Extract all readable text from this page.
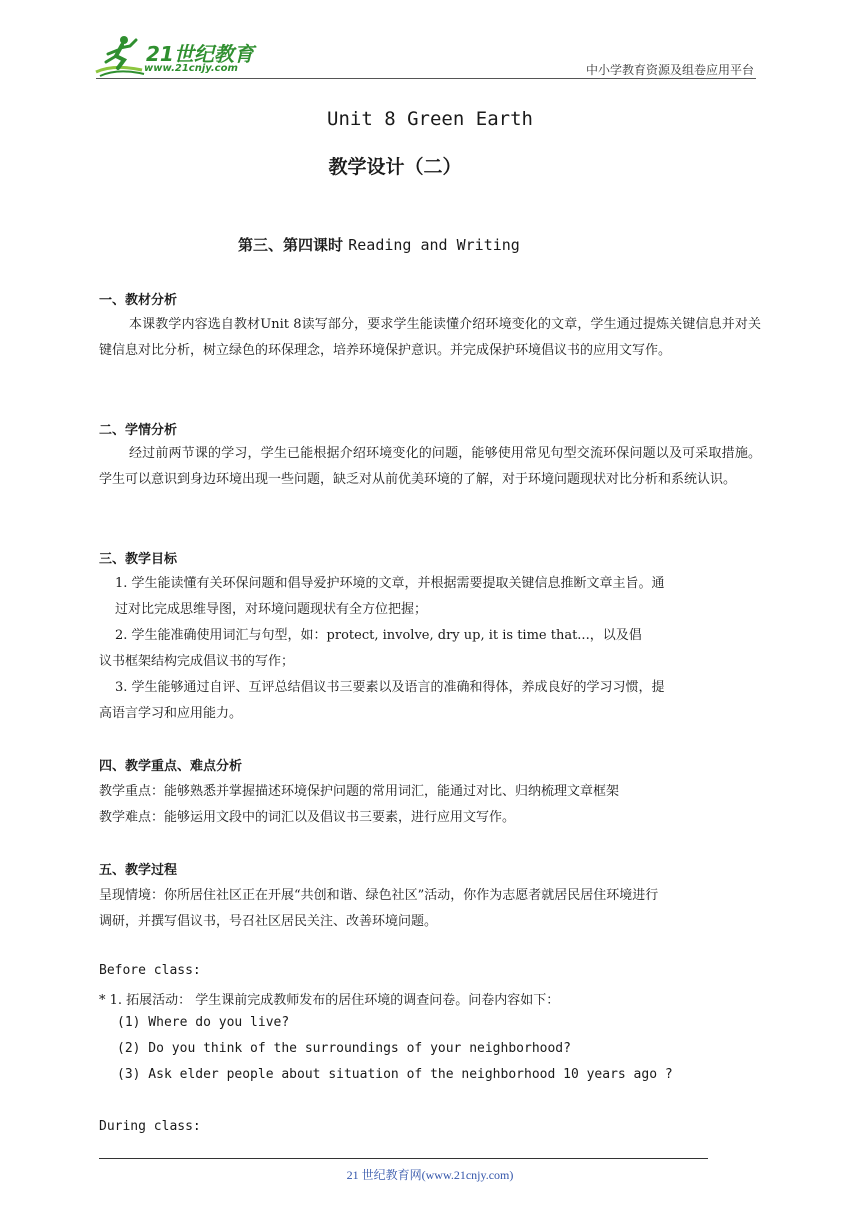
21世纪教育
www.21cnjy.com	中小学教育资源及组卷应用平台
Unit 8 Green Earth
教学设计（二）
第三、第四课时 Reading and Writing
一、教材分析
本课教学内容选自教材Unit 8读写部分，要求学生能读懂介绍环境变化的文章，学生通过提炼关键信息并对关键信息对比分析，树立绿色的环保理念，培养环境保护意识。并完成保护环境倡议书的应用文写作。
二、学情分析
经过前两节课的学习，学生已能根据介绍环境变化的问题，能够使用常见句型交流环保问题以及可采取措施。学生可以意识到身边环境出现一些问题，缺乏对从前优美环境的了解，对于环境问题现状对比分析和系统认识。
三、教学目标
1. 学生能读懂有关环保问题和倡导爱护环境的文章，并根据需要提取关键信息推断文章主旨。通
过对比完成思维导图，对环境问题现状有全方位把握；
2. 学生能准确使用词汇与句型，如：protect, involve, dry up, it is time that...，以及倡
议书框架结构完成倡议书的写作；
3. 学生能够通过自评、互评总结倡议书三要素以及语言的准确和得体，养成良好的学习习惯，提
高语言学习和应用能力。
四、教学重点、难点分析
教学重点：能够熟悉并掌握描述环境保护问题的常用词汇，能通过对比、归纳梳理文章框架
教学难点：能够运用文段中的词汇以及倡议书三要素，进行应用文写作。
五、教学过程
呈现情境：你所居住社区正在开展“共创和谐、绿色社区”活动，你作为志愿者就居民居住环境进行
调研，并撰写倡议书，号召社区居民关注、改善环境问题。
Before class:
* 1. 拓展活动： 学生课前完成教师发布的居住环境的调查问卷。问卷内容如下：
(1) Where do you live?
(2) Do you think of the surroundings of your neighborhood?
(3) Ask elder people about situation of the neighborhood 10 years ago ?
During class:
21 世纪教育网(www.21cnjy.com)
